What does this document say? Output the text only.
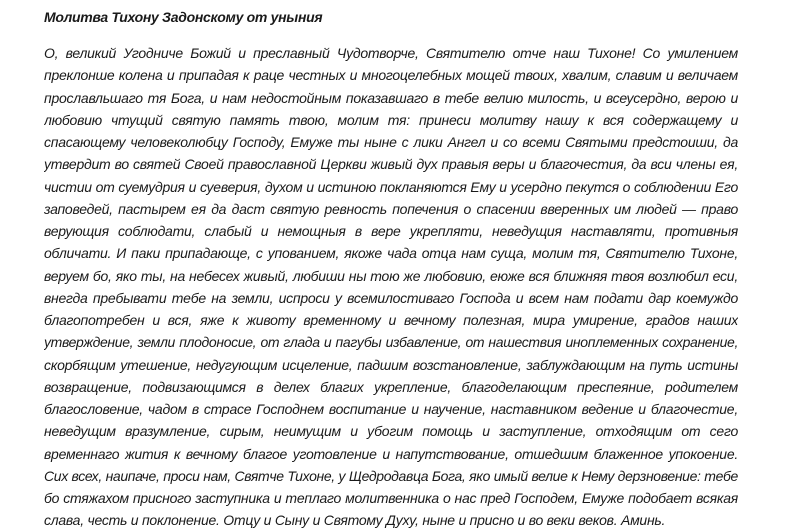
Молитва Тихону Задонскому от уныния
О, великий Угодниче Божий и преславный Чудотворче, Святителю отче наш Тихоне! Со умилением
преклонше колена и припадая к раце честных и многоцелебных мощей твоих, хвалим, славим и величаем
прославльшаго тя Бога, и нам недостойным показавшаго в тебе велию милость, и всеусердно, верою и
любовию чтущий святую память твою, молим тя: принеси молитву нашу к вся содержащему и
спасающему человеколюбцу Господу, Емуже ты ныне с лики Ангел и со всеми Святыми предстоиши, да
утвердит во святей Своей православной Церкви живый дух правыя веры и благочестия, да вси члены ея,
чистии от суемудрия и суеверия, духом и истиною покланяются Ему и усердно пекутся о соблюдении Его
заповедей, пастырем ея да даст святую ревность попечения о спасении вверенных им людей — право
верующия соблюдати, слабый и немощныя в вере укрепляти, неведущия наставляти, противныя
обличати. И паки припадающе, с упованием, якоже чада отца нам суща, молим тя, Святителю Тихоне,
веруем бо, яко ты, на небесех живый, любиши ны тою же любовию, еюже вся ближняя твоя возлюбил еси,
внегда пребывати тебе на земли, испроси у всемилостиваго Господа и всем нам подати дар коемуждо
благопотребен и вся, яже к животу временному и вечному полезная, мира умирение, градов наших
утверждение, земли плодоносие, от глада и пагубы избавление, от нашествия иноплеменных сохранение,
скорбящим утешение, недугующим исцеление, падшим возстановление, заблуждающим на путь истины
возвращение, подвизающимся в делех благих укрепление, благоделающим преспеяние, родителем
благословение, чадом в страсе Господнем воспитание и научение, наставником ведение и благочестие,
неведущим вразумление, сирым, неимущим и убогим помощь и заступление, отходящим от сего
временнаго жития к вечному благое уготовление и напутствование, отшедшим блаженное упокоение.
Сих всех, наипаче, проси нам, Святче Тихоне, у Щедродавца Бога, яко имый велие к Нему дерзновение: тебе
бо стяжахом присного заступника и теплаго молитвенника о нас пред Господем, Емуже подобает всякая
слава, честь и поклонение. Отцу и Сыну и Святому Духу, ныне и присно и во веки веков. Аминь.
